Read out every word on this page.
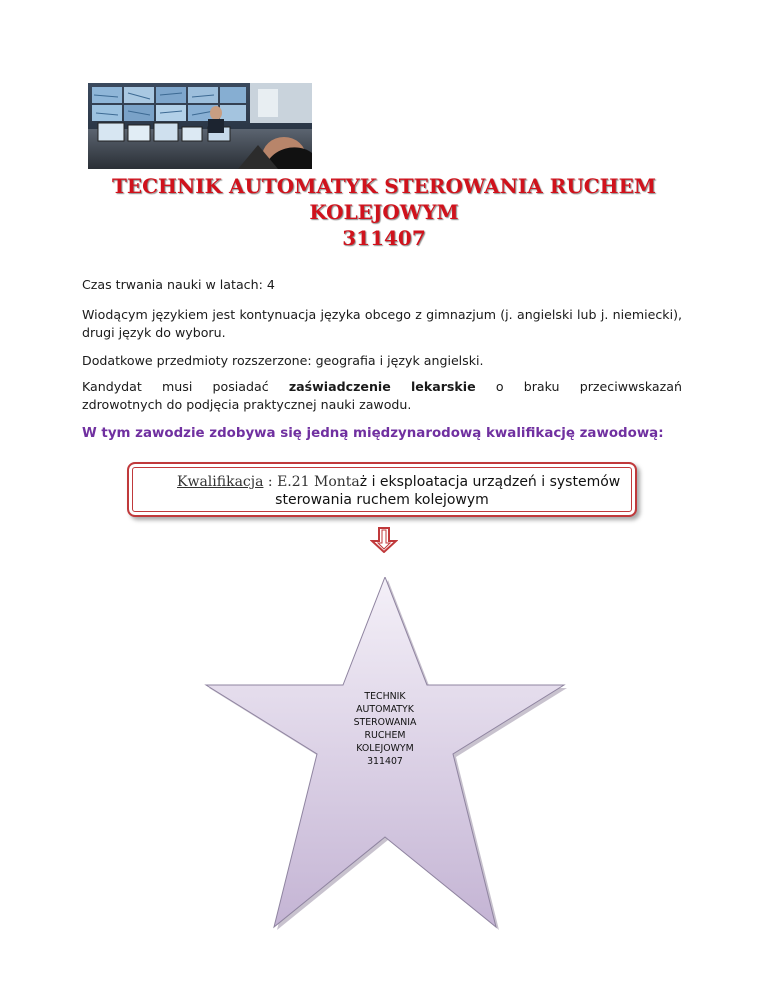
TECHNIK AUTOMATYK STEROWANIA RUCHEM
KOLEJOWYM
311407

Czas trwania nauki w latach: 4

Wiodącym językiem jest kontynuacja języka obcego z gimnazjum (j. angielski lub j. niemiecki), drugi język do wyboru.

Dodatkowe przedmioty rozszerzone: geografia i język angielski.

Kandydat musi posiadać zaświadczenie lekarskie o braku przeciwwskazań
zdrowotnych do podjęcia praktycznej nauki zawodu.

W tym zawodzie zdobywa się jedną międzynarodową kwalifikację zawodową:

Kwalifikacja : E.21 Montaż i eksploatacja urządzeń i systemów
sterowania ruchem kolejowym
TECHNIK
AUTOMATYK
STEROWANIA
RUCHEM
KOLEJOWYM
311407
